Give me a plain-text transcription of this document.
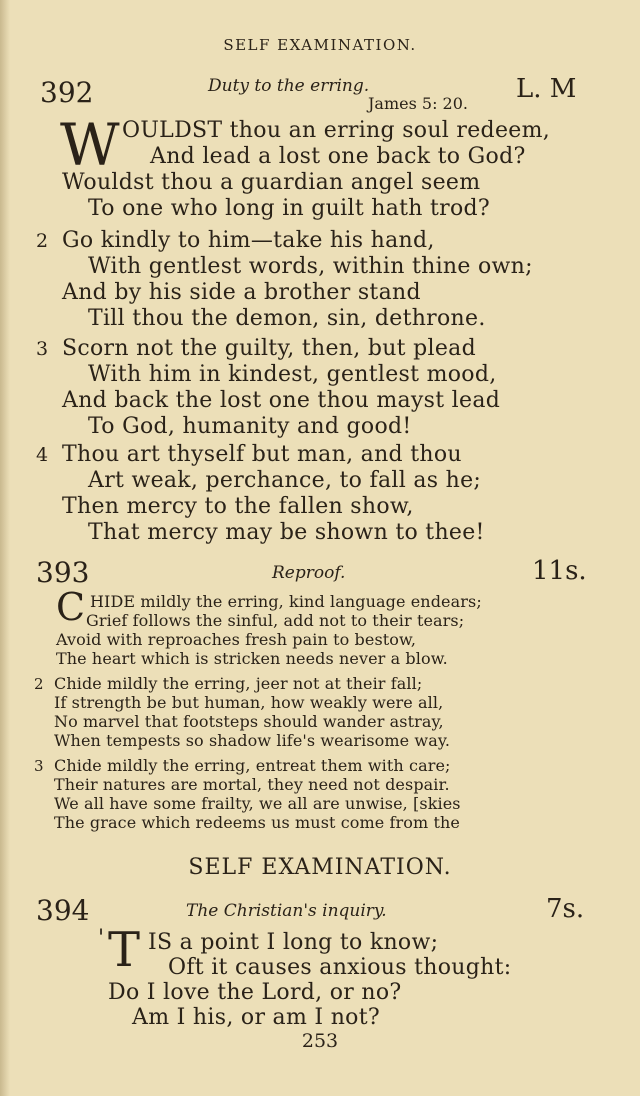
SELF EXAMINATION.
392	Duty to the erring.
James 5: 20. L. M
W OULDST thou an erring soul redeem,
And lead a lost one back to God?
Wouldst thou a guardian angel seem
To one who long in guilt hath trod?
2 Go kindly to him—take his hand,
With gentlest words, within thine own;
And by his side a brother stand
Till thou the demon, sin, dethrone.
3 Scorn not the guilty, then, but plead
With him in kindest, gentlest mood,
And back the lost one thou mayst lead
To God, humanity and good!
4 Thou art thyself but man, and thou
Art weak, perchance, to fall as he;
Then mercy to the fallen show,
That mercy may be shown to thee!
393	Reproof.	11s.
C HIDE mildly the erring, kind language endears;
Grief follows the sinful, add not to their tears;
Avoid with reproaches fresh pain to bestow,
The heart which is stricken needs never a blow.
2 Chide mildly the erring, jeer not at their fall;
If strength be but human, how weakly were all,
No marvel that footsteps should wander astray,
When tempests so shadow life's wearisome way.
3 Chide mildly the erring, entreat them with care;
Their natures are mortal, they need not despair.
We all have some frailty, we all are unwise, [skies
The grace which redeems us must come from the
SELF EXAMINATION.
394	The Christian's inquiry.	7s.
' T IS a point I long to know;
Oft it causes anxious thought:
Do I love the Lord, or no?
Am I his, or am I not?
253
